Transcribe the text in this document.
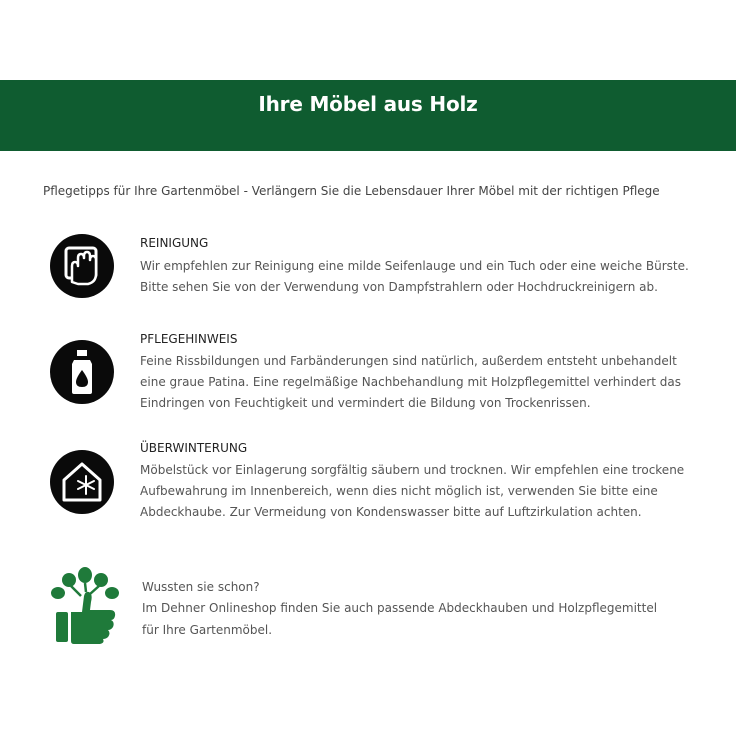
Ihre Möbel aus Holz
Pflegetipps für Ihre Gartenmöbel - Verlängern Sie die Lebensdauer Ihrer Möbel mit der richtigen Pflege
REINIGUNG
Wir empfehlen zur Reinigung eine milde Seifenlauge und ein Tuch oder eine weiche Bürste.
Bitte sehen Sie von der Verwendung von Dampfstrahlern oder Hochdruckreinigern ab.
PFLEGEHINWEIS
Feine Rissbildungen und Farbänderungen sind natürlich, außerdem entsteht unbehandelt
eine graue Patina. Eine regelmäßige Nachbehandlung mit Holzpflegemittel verhindert das
Eindringen von Feuchtigkeit und vermindert die Bildung von Trockenrissen.
ÜBERWINTERUNG
Möbelstück vor Einlagerung sorgfältig säubern und trocknen. Wir empfehlen eine trockene
Aufbewahrung im Innenbereich, wenn dies nicht möglich ist, verwenden Sie bitte eine
Abdeckhaube. Zur Vermeidung von Kondenswasser bitte auf Luftzirkulation achten.
Wussten sie schon?
Im Dehner Onlineshop finden Sie auch passende Abdeckhauben und Holzpflegemittel
für Ihre Gartenmöbel.
